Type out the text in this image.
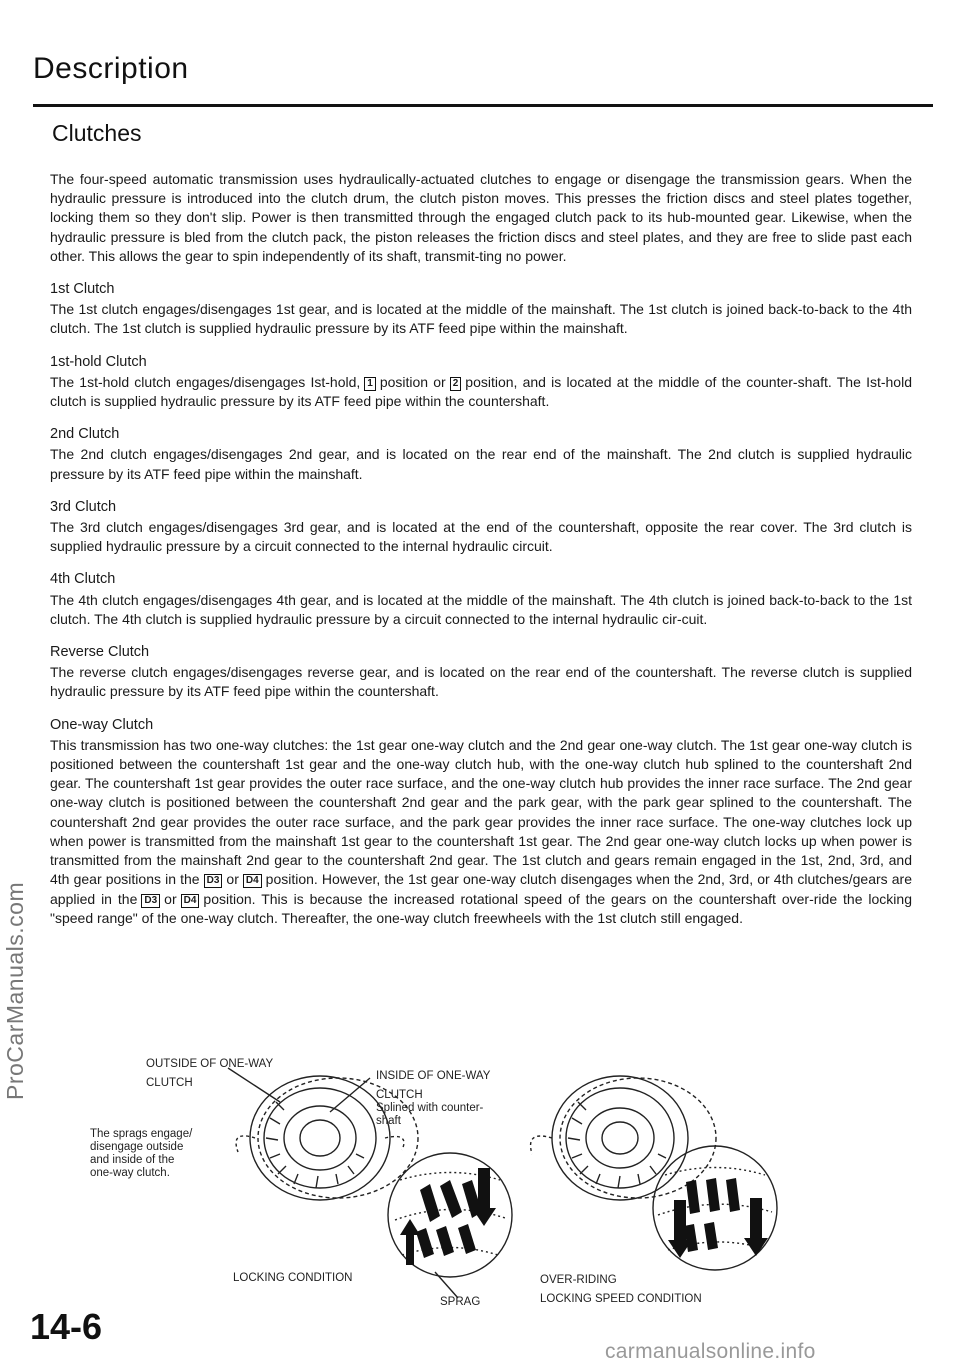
Description
Clutches

The four-speed automatic transmission uses hydraulically-actuated clutches to engage or disengage the transmission gears. When the hydraulic pressure is introduced into the clutch drum, the clutch piston moves. This presses the friction discs and steel plates together, locking them so they don't slip. Power is then transmitted through the engaged clutch pack to its hub-mounted gear. Likewise, when the hydraulic pressure is bled from the clutch pack, the piston releases the friction discs and steel plates, and they are free to slide past each other. This allows the gear to spin independently of its shaft, transmit-ting no power.

1st Clutch

The 1st clutch engages/disengages 1st gear, and is located at the middle of the mainshaft. The 1st clutch is joined back-to-back to the 4th clutch. The 1st clutch is supplied hydraulic pressure by its ATF feed pipe within the mainshaft.

1st-hold Clutch

The 1st-hold clutch engages/disengages Ist-hold, 1 position or 2 position, and is located at the middle of the counter-shaft. The Ist-hold clutch is supplied hydraulic pressure by its ATF feed pipe within the countershaft.

2nd Clutch

The 2nd clutch engages/disengages 2nd gear, and is located on the rear end of the mainshaft. The 2nd clutch is supplied hydraulic pressure by its ATF feed pipe within the mainshaft.

3rd Clutch

The 3rd clutch engages/disengages 3rd gear, and is located at the end of the countershaft, opposite the rear cover. The 3rd clutch is supplied hydraulic pressure by a circuit connected to the internal hydraulic circuit.

4th Clutch

The 4th clutch engages/disengages 4th gear, and is located at the middle of the mainshaft. The 4th clutch is joined back-to-back to the 1st clutch. The 4th clutch is supplied hydraulic pressure by a circuit connected to the internal hydraulic cir-cuit.

Reverse Clutch

The reverse clutch engages/disengages reverse gear, and is located on the rear end of the countershaft. The reverse clutch is supplied hydraulic pressure by its ATF feed pipe within the countershaft.

One-way Clutch

This transmission has two one-way clutches: the 1st gear one-way clutch and the 2nd gear one-way clutch. The 1st gear one-way clutch is positioned between the countershaft 1st gear and the one-way clutch hub, with the one-way clutch hub splined to the countershaft 2nd gear. The countershaft 1st gear provides the outer race surface, and the one-way clutch hub provides the inner race surface. The 2nd gear one-way clutch is positioned between the countershaft 2nd gear and the park gear, with the park gear splined to the countershaft. The countershaft 2nd gear provides the outer race surface, and the park gear provides the inner race surface. The one-way clutches lock up when power is transmitted from the mainshaft 1st gear to the countershaft 1st gear. The 2nd gear one-way clutch locks up when power is transmitted from the mainshaft 2nd gear to the countershaft 2nd gear. The 1st clutch and gears remain engaged in the 1st, 2nd, 3rd, and 4th gear positions in the D3 or D4 position. However, the 1st gear one-way clutch disengages when the 2nd, 3rd, or 4th clutches/gears are applied in the D3 or D4 position. This is because the increased rotational speed of the gears on the countershaft over-ride the locking "speed range" of the one-way clutch. Thereafter, the one-way clutch freewheels with the 1st clutch still engaged.

OUTSIDE OF ONE-WAY
CLUTCH
INSIDE OF ONE-WAY
CLUTCH
Splined with counter-
shaft
The sprags engage/
disengage outside
and inside of the
one-way clutch.
LOCKING CONDITION
SPRAG
OVER-RIDING
LOCKING SPEED CONDITION
ProCarManuals.com
14-6
carmanualsonline.info
